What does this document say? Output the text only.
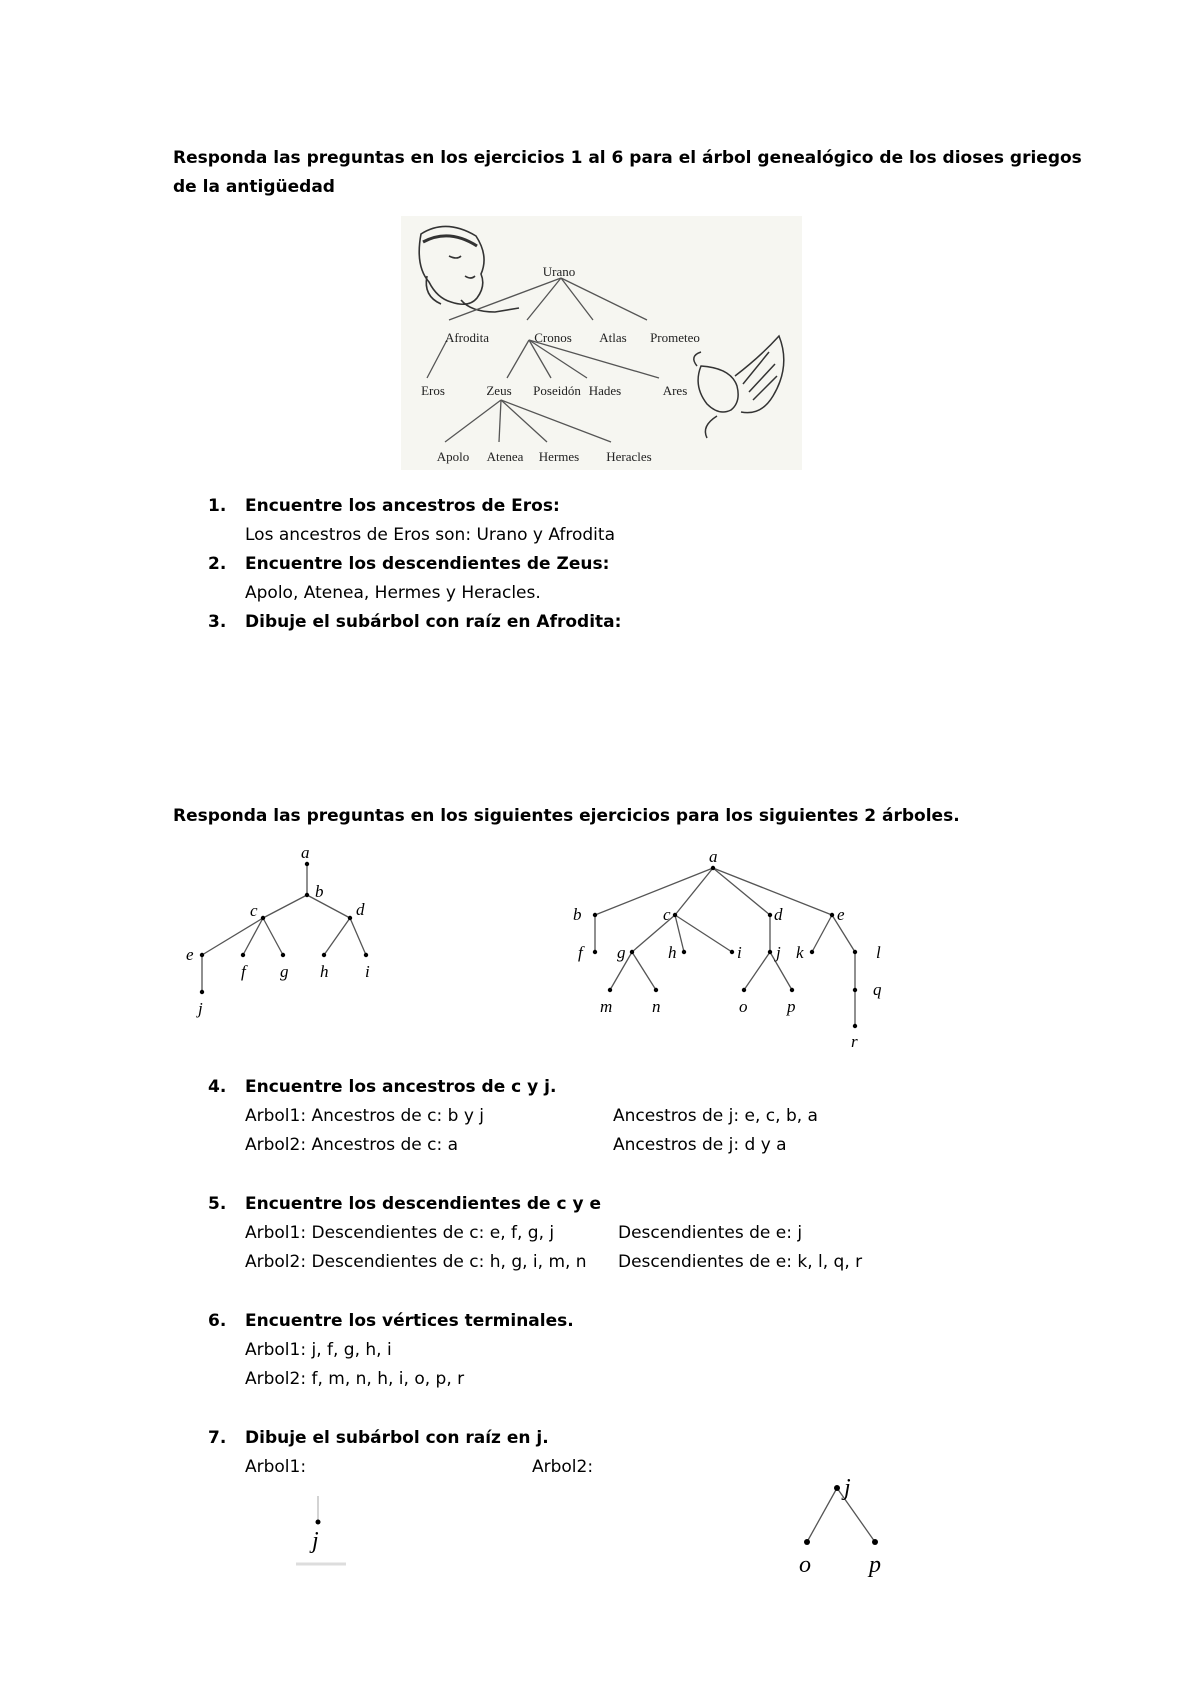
Responda las preguntas en los ejercicios 1 al 6 para el árbol genealógico de los dioses griegos
de la antigüedad
Urano
Afrodita	Cronos Atlas Prometeo
Eros	Zeus Poseidón Hades	Ares
Apolo Atenea Hermes Heracles
1. Encuentre los ancestros de Eros:
Los ancestros de Eros son: Urano y Afrodita
2. Encuentre los descendientes de Zeus:
Apolo, Atenea, Hermes y Heracles.
3. Dibuje el subárbol con raíz en Afrodita:
Responda las preguntas en los siguientes ejercicios para los siguientes 2 árboles.
a
b
c	d
e
f g h i
j
a
b	c	d	e
f g	h	i j k	l
m n	o p
q
r
4. Encuentre los ancestros de c y j.
Arbol1: Ancestros de c: b y j	Ancestros de j: e, c, b, a
Arbol2: Ancestros de c: a	Ancestros de j: d y a
5. Encuentre los descendientes de c y e
Arbol1: Descendientes de c: e, f, g, j	Descendientes de e: j
Arbol2: Descendientes de c: h, g, i, m, n Descendientes de e: k, l, q, r
6. Encuentre los vértices terminales.
Arbol1: j, f, g, h, i
Arbol2: f, m, n, h, i, o, p, r
7. Dibuje el subárbol con raíz en j.
Arbol1:	Arbol2:
j
j
o p
